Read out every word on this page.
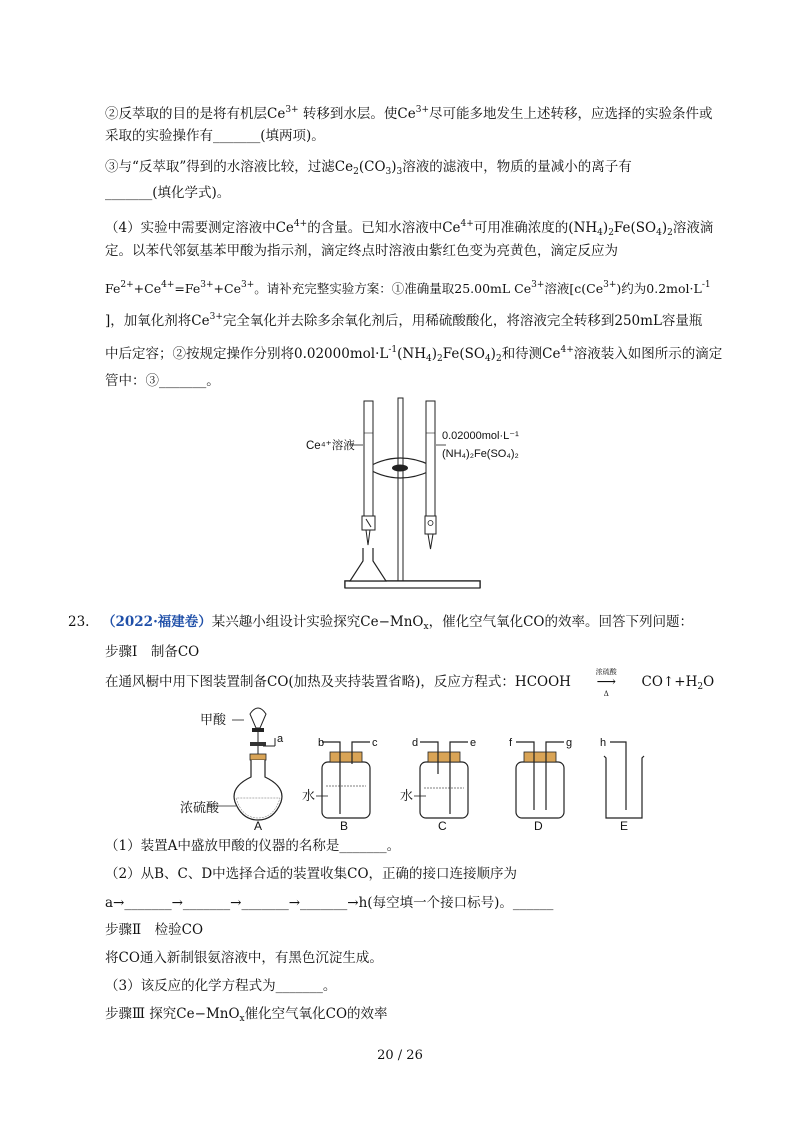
②反萃取的目的是将有机层$Ce^{3+}$ 转移到水层。使$Ce^{3+}$尽可能多地发生上述转移，应选择的实验条件或
采取的实验操作有_______(填两项)。
③与“反萃取”得到的水溶液比较，过滤$Ce_2(CO_3)_3$溶液的滤液中，物质的量减小的离子有
_______(填化学式)。
（4）实验中需要测定溶液中$Ce^{4+}$的含量。已知水溶液中$Ce^{4+}$可用准确浓度的$(NH_4)_2Fe(SO_4)_2$溶液滴
定。以苯代邻氨基苯甲酸为指示剂，滴定终点时溶液由紫红色变为亮黄色，滴定反应为
$Fe^{2+}+Ce^{4+}=Fe^{3+}+Ce^{3+}$。请补充完整实验方案：①准确量取25.00mL $Ce^{3+}$溶液[$c(Ce^{3+})$约为$0.2mol\cdot L^{-1}$
]，加氧化剂将$Ce^{3+}$完全氧化并去除多余氧化剂后，用稀硫酸酸化，将溶液完全转移到250mL容量瓶
中后定容；②按规定操作分别将$0.02000mol\cdot L^{-1}(NH_4)_2Fe(SO_4)_2$和待测$Ce^{4+}$溶液装入如图所示的滴定
管中：③_______。
Ce⁴⁺溶液
0.02000mol·L⁻¹
(NH₄)₂Fe(SO₄)₂
23. （2022·福建卷）某兴趣小组设计实验探究Ce−MnO$_x$，催化空气氧化CO的效率。回答下列问题：
步骤Ⅰ　制备CO
在通风橱中用下图装置制备CO(加热及夹持装置省略)，反应方程式：HCOOH
浓硫酸
⟶
Δ
$CO↑+H_2O$
甲酸
a
浓硫酸
A
b	c
水
B
d	e
水
C
f	g
D
h
E
（1）装置A中盛放甲酸的仪器的名称是_______。
（2）从B、C、D中选择合适的装置收集CO，正确的接口连接顺序为
a→_______→_______→_______→_______→h(每空填一个接口标号)。______
步骤Ⅱ　检验CO
将CO通入新制银氨溶液中，有黑色沉淀生成。
（3）该反应的化学方程式为_______。
步骤Ⅲ 探究Ce−MnO$_x$催化空气氧化CO的效率
20 / 26
